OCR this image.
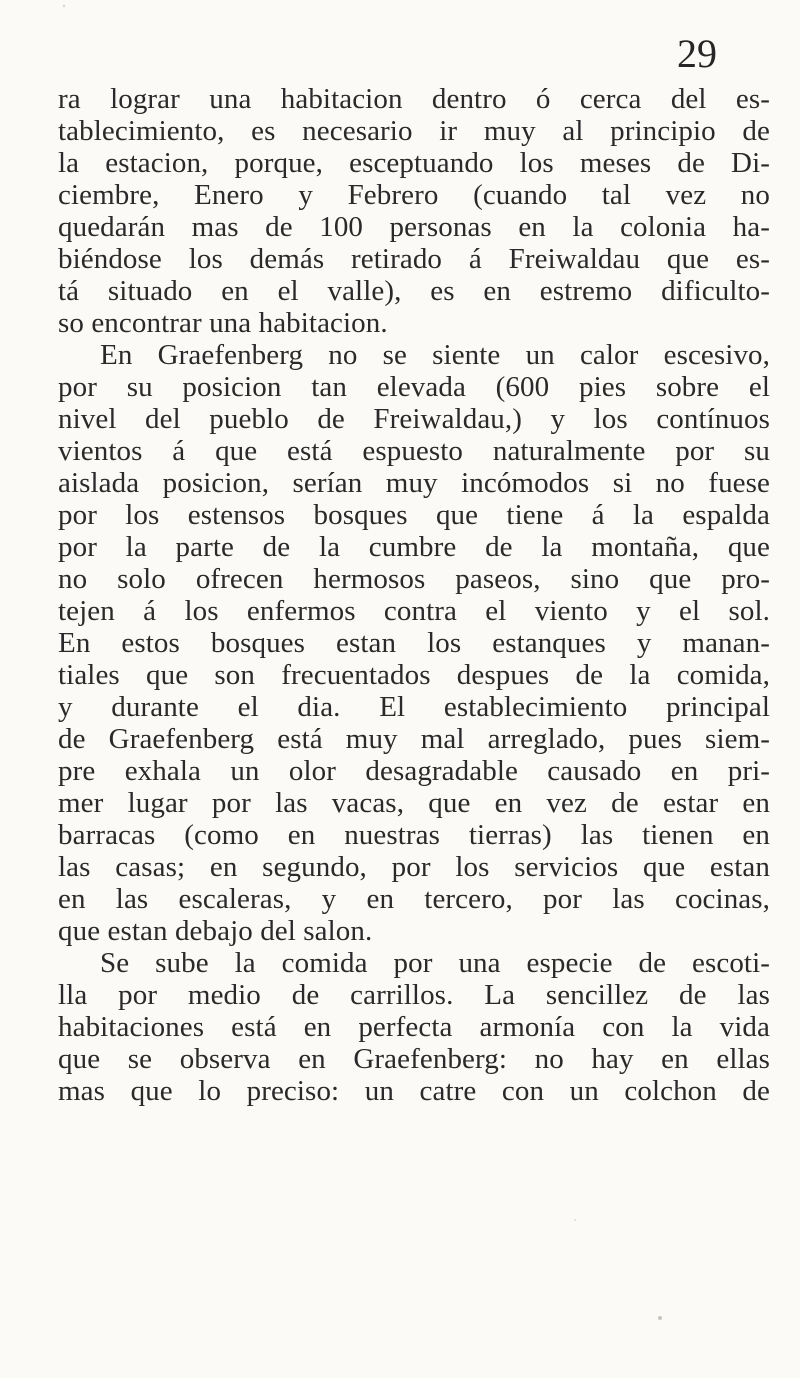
29
ra lograr una habitacion dentro ó cerca del es-
tablecimiento, es necesario ir muy al principio de
la estacion, porque, esceptuando los meses de Di-
ciembre, Enero y Febrero (cuando tal vez no
quedarán mas de 100 personas en la colonia ha-
biéndose los demás retirado á Freiwaldau que es-
tá situado en el valle), es en estremo dificulto-
so encontrar una habitacion.
En Graefenberg no se siente un calor escesivo,
por su posicion tan elevada (600 pies sobre el
nivel del pueblo de Freiwaldau,) y los contínuos
vientos á que está espuesto naturalmente por su
aislada posicion, serían muy incómodos si no fuese
por los estensos bosques que tiene á la espalda
por la parte de la cumbre de la montaña, que
no solo ofrecen hermosos paseos, sino que pro-
tejen á los enfermos contra el viento y el sol.
En estos bosques estan los estanques y manan-
tiales que son frecuentados despues de la comida,
y durante el dia. El establecimiento principal
de Graefenberg está muy mal arreglado, pues siem-
pre exhala un olor desagradable causado en pri-
mer lugar por las vacas, que en vez de estar en
barracas (como en nuestras tierras) las tienen en
las casas; en segundo, por los servicios que estan
en las escaleras, y en tercero, por las cocinas,
que estan debajo del salon.
Se sube la comida por una especie de escoti-
lla por medio de carrillos. La sencillez de las
habitaciones está en perfecta armonía con la vida
que se observa en Graefenberg: no hay en ellas
mas que lo preciso: un catre con un colchon de
